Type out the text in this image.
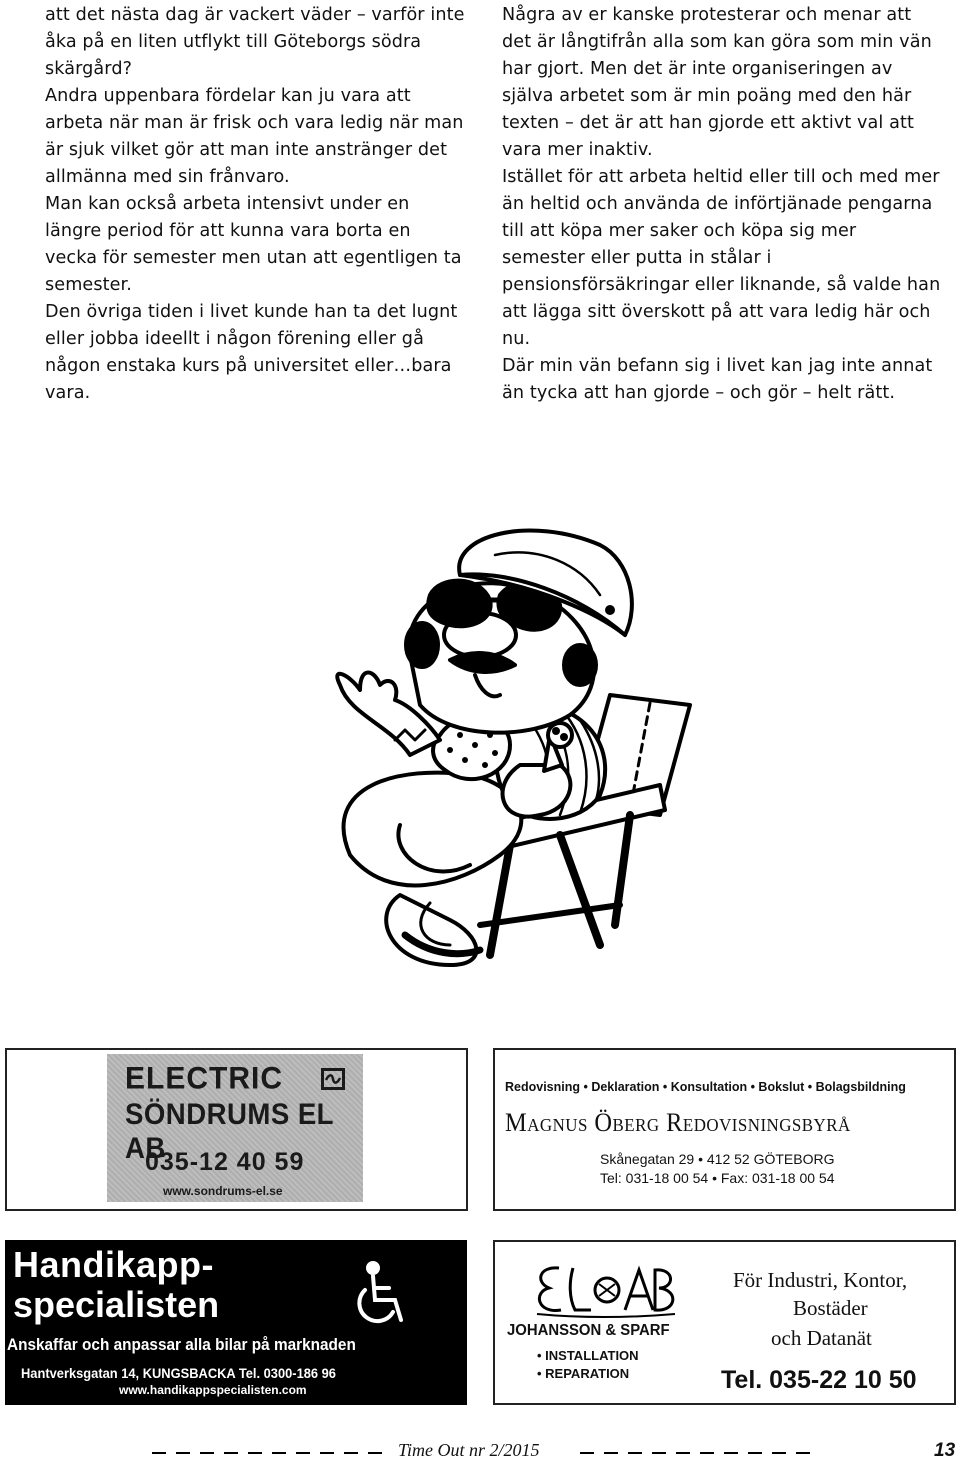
att det nästa dag är vackert väder – varför inte åka på en liten utflykt till Göteborgs södra skärgård?

Andra uppenbara fördelar kan ju vara att arbeta när man är frisk och vara ledig när man är sjuk vilket gör att man inte anstränger det allmänna med sin frånvaro.

Man kan också arbeta intensivt under en längre period för att kunna vara borta en vecka för semester men utan att egentligen ta semester.

Den övriga tiden i livet kunde han ta det lugnt eller jobba ideellt i någon förening eller gå någon enstaka kurs på universitet eller…bara vara.

Några av er kanske protesterar och menar att det är långtifrån alla som kan göra som min vän har gjort. Men det är inte organiseringen av själva arbetet som är min poäng med den här texten – det är att han gjorde ett aktivt val att vara mer inaktiv.

Istället för att arbeta heltid eller till och med mer än heltid och använda de införtjänade pengarna till att köpa mer saker och köpa sig mer semester eller putta in stålar i pensionsförsäkringar eller liknande, så valde han att lägga sitt överskott på att vara ledig här och nu.

Där min vän befann sig i livet kan jag inte annat än tycka att han gjorde – och gör – helt rätt.

ELECTRIC
SÖNDRUMS EL AB
035-12 40 59
www.sondrums-el.se
Redovisning • Deklaration • Konsultation • Bokslut • Bolagsbildning
Magnus Öberg Redovisningsbyrå
Skånegatan 29 • 412 52 GÖTEBORG
Tel: 031-18 00 54 • Fax: 031-18 00 54
Handikapp-
specialisten
Anskaffar och anpassar alla bilar på marknaden
Hantverksgatan 14, KUNGSBACKA Tel. 0300-186 96
www.handikappspecialisten.com
JOHANSSON & SPARF
• INSTALLATION
• REPARATION
För Industri, Kontor,
Bostäder
och Datanät
Tel. 035-22 10 50
Time Out nr 2/2015	13
